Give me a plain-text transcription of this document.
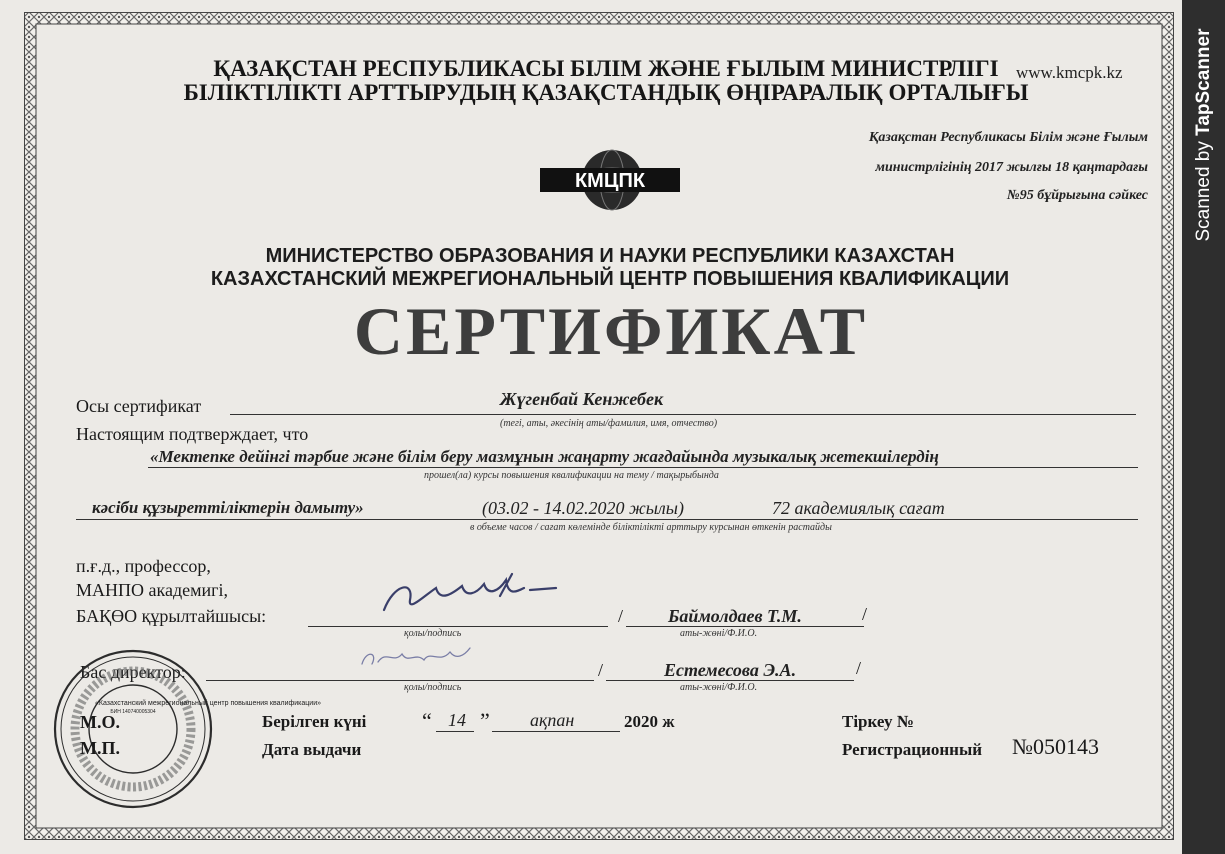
ҚАЗАҚСТАН РЕСПУБЛИКАСЫ БІЛІМ ЖӘНЕ ҒЫЛЫМ МИНИСТРЛІГІ
БІЛІКТІЛІКТІ АРТТЫРУДЫҢ ҚАЗАҚСТАНДЫҚ ӨҢІРАРАЛЫҚ ОРТАЛЫҒЫ
www.kmcpk.kz
Қазақстан Республикасы Білім және Ғылым
министрлігінің 2017 жылғы 18 қаңтардағы
№95 бұйрығына сәйкес
КМЦПК
МИНИСТЕРСТВО ОБРАЗОВАНИЯ И НАУКИ РЕСПУБЛИКИ КАЗАХСТАН
КАЗАХСТАНСКИЙ МЕЖРЕГИОНАЛЬНЫЙ ЦЕНТР ПОВЫШЕНИЯ КВАЛИФИКАЦИИ
СЕРТИФИКАТ
Осы сертификат	Жүгенбай Кенжебек
(тегі, аты, әкесінің аты/фамилия, имя, отчество)
Настоящим подтверждает, что
«Мектепке дейінгі тәрбие және білім беру мазмұнын жаңарту жағдайында музыкалық жетекшілердің
прошел(ла) курсы повышения квалификации на тему / тақырыбында
кәсіби құзыреттіліктерін дамыту»	(03.02 - 14.02.2020 жылы)	72 академиялық сағат
в объеме часов / сағат көлемінде біліктілікті арттыру курсынан өткенін растайды
п.ғ.д., профессор,
МАНПО академигі,
БАҚӨО құрылтайшысы:	/ Баймолдаев Т.М.	/
қолы/подпись	аты-жөні/Ф.И.О.
Бас директор:	/	Естемесова Э.А.	/
қолы/подпись	аты-жөні/Ф.И.О.
«Казахстанский межрегиональный центр повышения квалификации»
БИН 140740005304
М.О.
М.П.
Берілген күні
Дата выдачи
“ 14 ” ақпан	2020 ж	Тіркеу №
Регистрационный №050143
Scanned by TapScanner
